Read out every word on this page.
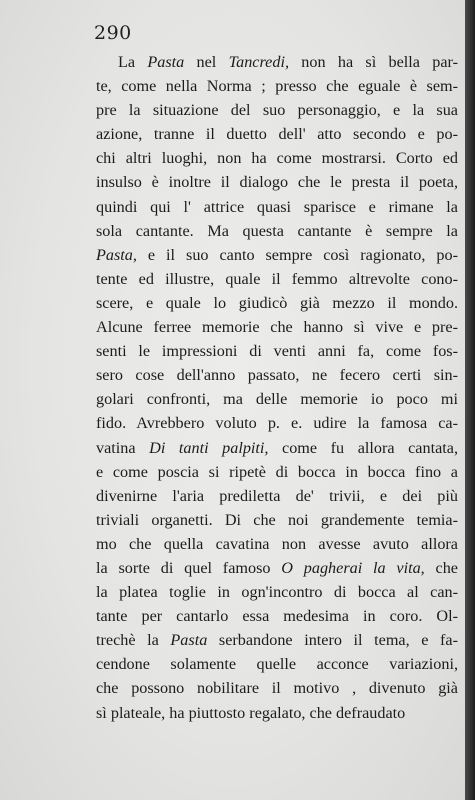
290
La Pasta nel Tancredi, non ha sì bella par-
te, come nella Norma ; presso che eguale è sem-
pre la situazione del suo personaggio, e la sua
azione, tranne il duetto dell' atto secondo e po-
chi altri luoghi, non ha come mostrarsi. Corto ed
insulso è inoltre il dialogo che le presta il poeta,
quindi qui l' attrice quasi sparisce e rimane la
sola cantante. Ma questa cantante è sempre la
Pasta, e il suo canto sempre così ragionato, po-
tente ed illustre, quale il femmo altrevolte cono-
scere, e quale lo giudicò già mezzo il mondo.
Alcune ferree memorie che hanno sì vive e pre-
senti le impressioni di venti anni fa, come fos-
sero cose dell'anno passato, ne fecero certi sin-
golari confronti, ma delle memorie io poco mi
fido. Avrebbero voluto p. e. udire la famosa ca-
vatina Di tanti palpiti, come fu allora cantata,
e come poscia si ripetè di bocca in bocca fino a
divenirne l'aria prediletta de' trivii, e dei più
triviali organetti. Di che noi grandemente temia-
mo che quella cavatina non avesse avuto allora
la sorte di quel famoso O pagherai la vita, che
la platea toglie in ogn'incontro di bocca al can-
tante per cantarlo essa medesima in coro. Ol-
trechè la Pasta serbandone intero il tema, e fa-
cendone solamente quelle acconce variazioni,
che possono nobilitare il motivo , divenuto già
sì plateale, ha piuttosto regalato, che defraudato
